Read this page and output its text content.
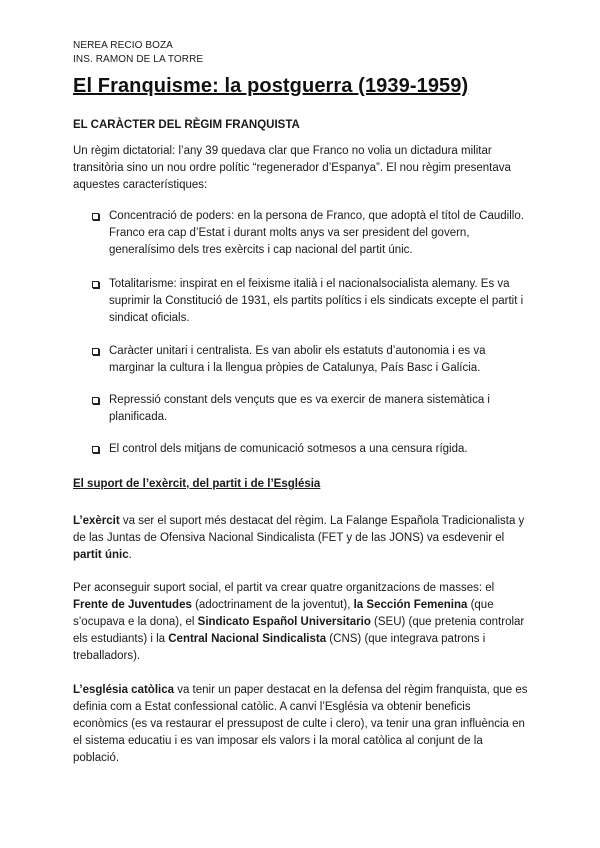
NEREA RECIO BOZA
INS. RAMON DE LA TORRE
El Franquisme: la postguerra (1939-1959)
EL CARÀCTER DEL RÈGIM FRANQUISTA

Un règim dictatorial: l’any 39 quedava clar que Franco no volia un dictadura militar transitòria sino un nou ordre polític “regenerador d’Espanya”. El nou règim presentava aquestes característiques:

Concentració de poders: en la persona de Franco, que adoptà el títol de Caudillo. Franco era cap d’Estat i durant molts anys va ser president del govern, generalísimo dels tres exèrcits i cap nacional del partit únic.
Totalitarisme: inspirat en el feixisme italià i el nacionalsocialista alemany. Es va suprimir la Constitució de 1931, els partits polítics i els sindicats excepte el partit i sindicat oficials.
Caràcter unitari i centralista. Es van abolir els estatuts d’autonomia i es va marginar la cultura i la llengua pròpies de Catalunya, País Basc i Galícia.
Repressió constant dels vençuts que es va exercir de manera sistemàtica i planificada.
El control dels mitjans de comunicació sotmesos a una censura rígida.
El suport de l’exèrcit, del partit i de l’Església

L’exèrcit va ser el suport més destacat del règim. La Falange Española Tradicionalista y de las Juntas de Ofensiva Nacional Sindicalista (FET y de las JONS) va esdevenir el partit únic.

Per aconseguir suport social, el partit va crear quatre organitzacions de masses: el Frente de Juventudes (adoctrinament de la joventut), la Sección Femenina (que s’ocupava e la dona), el Sindicato Español Universitario (SEU) (que pretenia controlar els estudiants) i la Central Nacional Sindicalista (CNS) (que integrava patrons i treballadors).

L’església catòlica va tenir un paper destacat en la defensa del règim franquista, que es definia com a Estat confessional catòlic. A canvi l’Església va obtenir beneficis econòmics (es va restaurar el pressupost de culte i clero), va tenir una gran influència en el sistema educatiu i es van imposar els valors i la moral catòlica al conjunt de la població.
